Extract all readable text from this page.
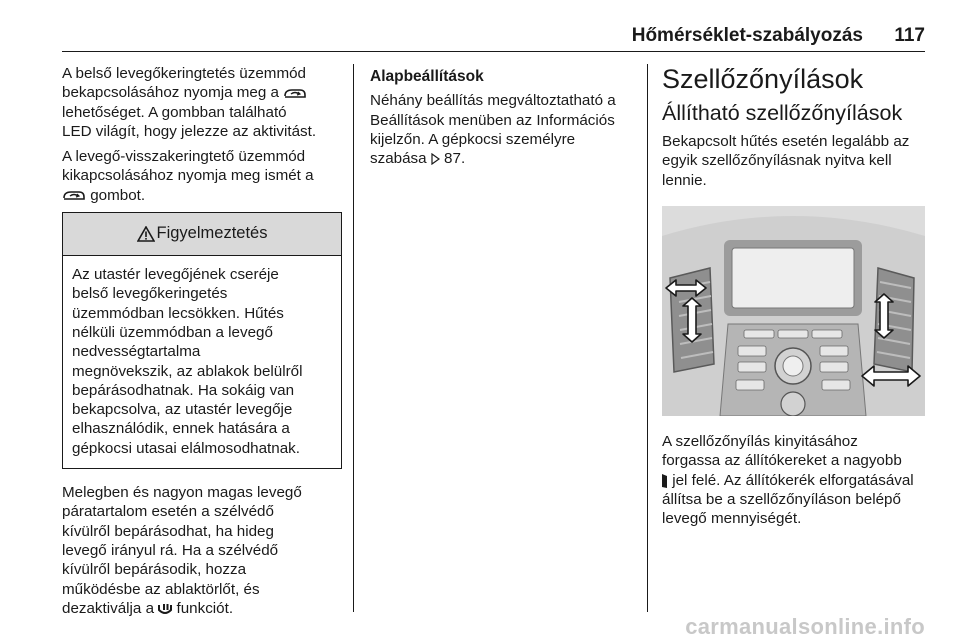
Hőmérséklet-szabályozás 117

A belső levegőkeringtetés üzemmód
bekapcsolásához nyomja meg a
lehetőséget. A gombban található
LED világít, hogy jelezze az aktivitást.

A levegő-visszakeringtető üzemmód
kikapcsolásához nyomja meg ismét a
gombot.

Figyelmeztetés
Az utastér levegőjének cseréje
belső levegőkeringetés
üzemmódban lecsökken. Hűtés
nélküli üzemmódban a levegő
nedvességtartalma
megnövekszik, az ablakok belülről
bepárásodhatnak. Ha sokáig van
bekapcsolva, az utastér levegője
elhasználódik, ennek hatására a
gépkocsi utasai elálmosodhatnak.

Melegben és nagyon magas levegő
páratartalom esetén a szélvédő
kívülről bepárásodhat, ha hideg
levegő irányul rá. Ha a szélvédő
kívülről bepárásodik, hozza
működésbe az ablaktörlőt, és
dezaktiválja a funkciót.

Alapbeállítások

Néhány beállítás megváltoztatható a
Beállítások menüben az Információs
kijelzőn. A gépkocsi személyre
szabása 87.

Szellőzőnyílások
Állítható szellőzőnyílások

Bekapcsolt hűtés esetén legalább az
egyik szellőzőnyílásnak nyitva kell
lennie.

A szellőzőnyílás kinyitásához
forgassa az állítókereket a nagyobb
jel felé. Az állítókerék elforgatásával
állítsa be a szellőzőnyíláson belépő
levegő mennyiségét.

carmanualsonline.info
